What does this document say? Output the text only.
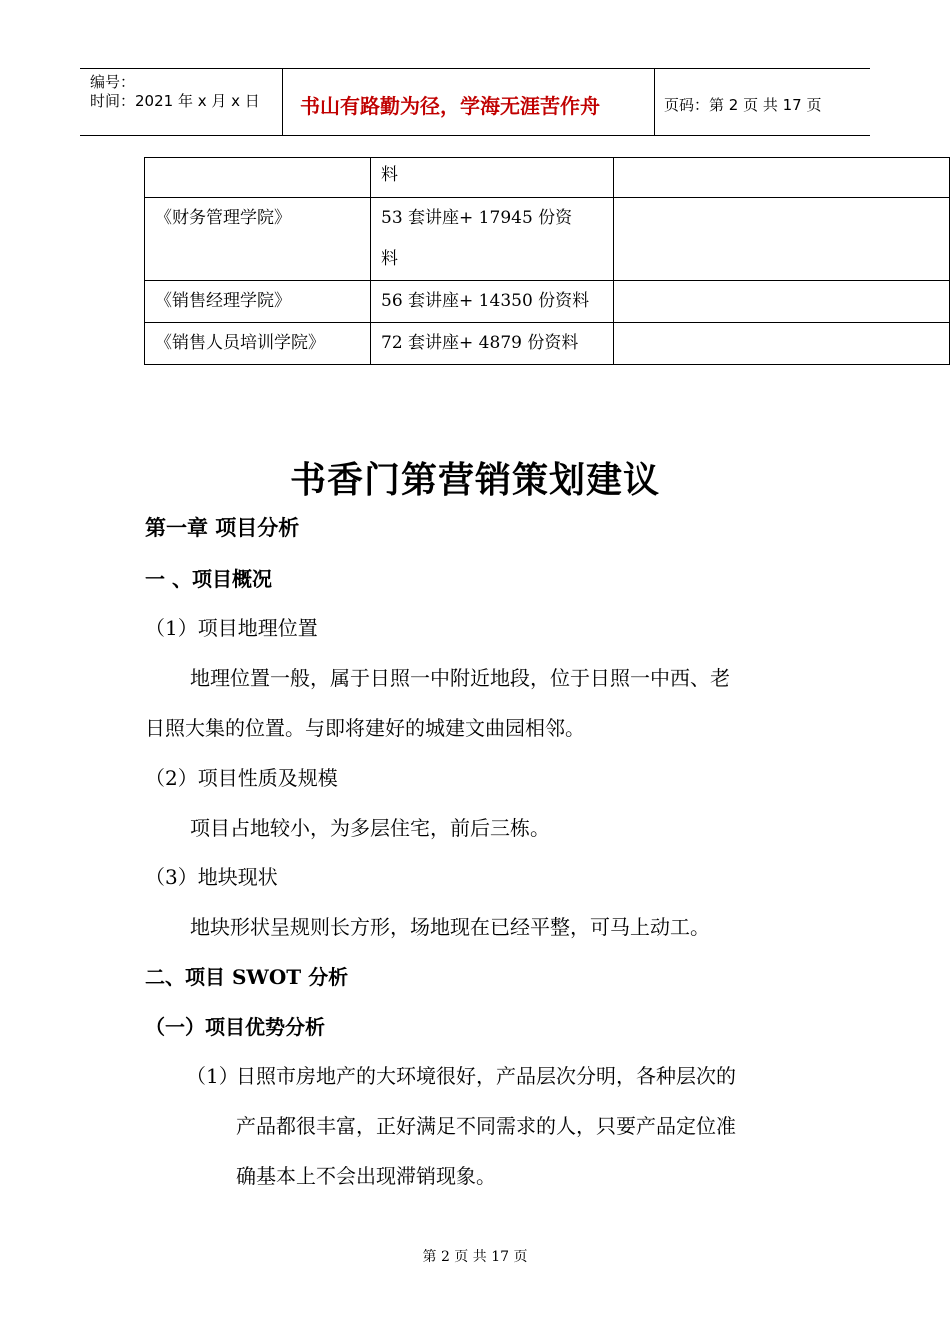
编号：
时间：2021 年 x 月 x 日 书山有路勤为径，学海无涯苦作舟	页码：第 2 页 共 17 页

	料	

《财务管理学院》	53 套讲座+ 17945 份资
料	

《销售经理学院》	56 套讲座+ 14350 份资料	

《销售人员培训学院》	72 套讲座+ 4879 份资料	

书香门第营销策划建议
第一章 项目分析
一 、项目概况
（1）项目地理位置
地理位置一般，属于日照一中附近地段，位于日照一中西、老
日照大集的位置。与即将建好的城建文曲园相邻。
（2）项目性质及规模
项目占地较小，为多层住宅，前后三栋。
（3）地块现状
地块形状呈规则长方形，场地现在已经平整，可马上动工。
二、项目 SWOT 分析
（一）项目优势分析
（1）
日照市房地产的大环境很好，产品层次分明，各种层次的
产品都很丰富，正好满足不同需求的人，只要产品定位准
确基本上不会出现滞销现象。
第 2 页 共 17 页
